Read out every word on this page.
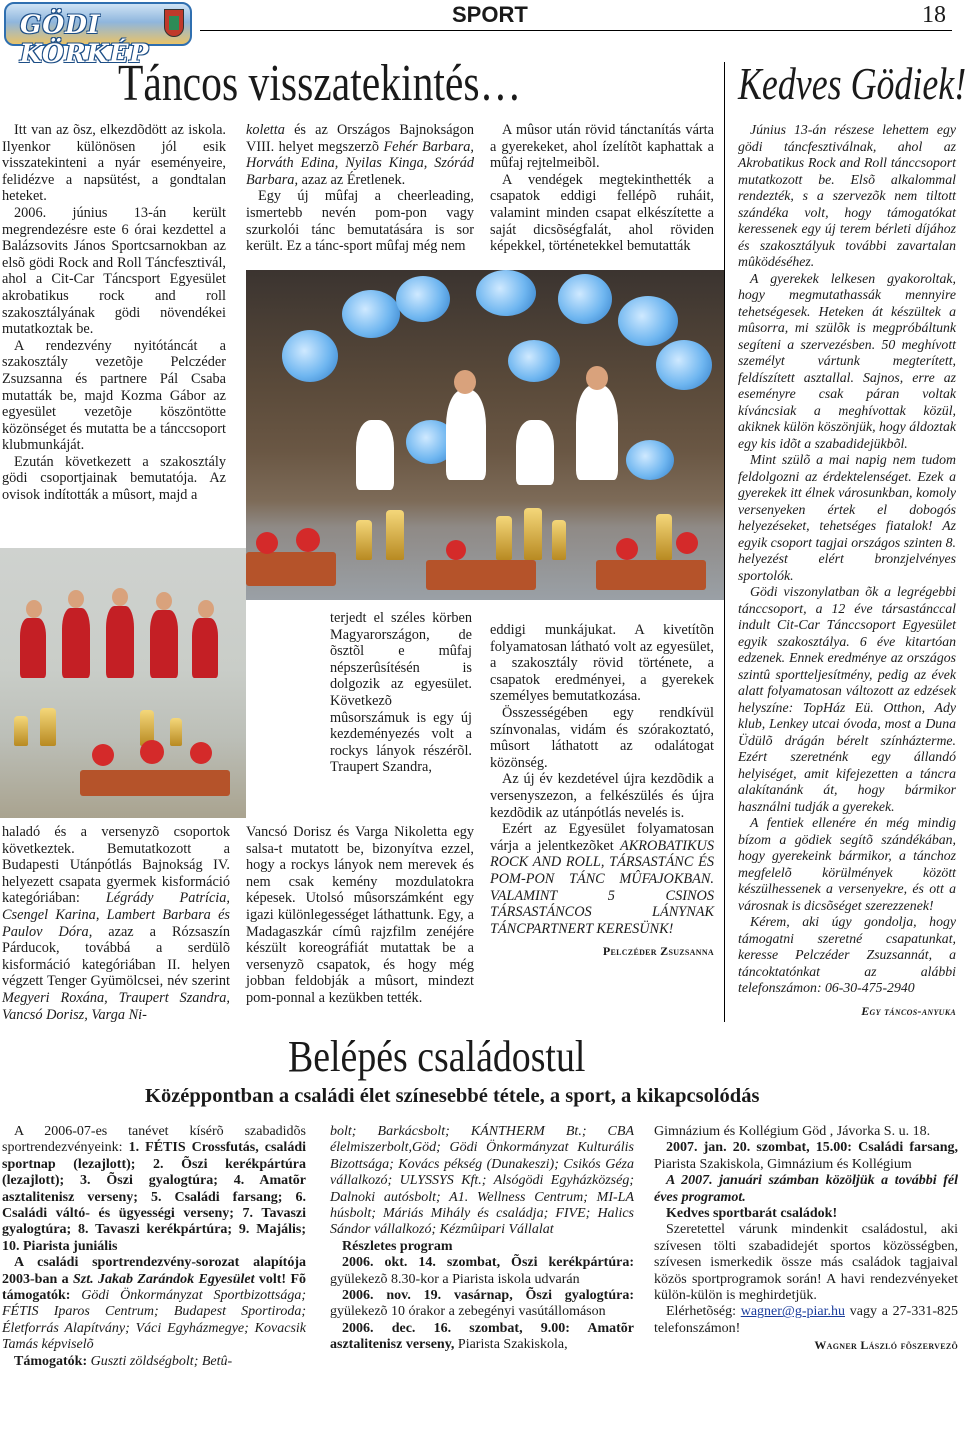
GÖDI KÖRKÉP
SPORT	18
Táncos visszatekintés…	Kedves Gödiek!

Itt van az õsz, elkezdõdött az iskola. Ilyenkor különösen jól esik visszatekinteni a nyár eseményeire, felidézve a napsütést, a gondtalan heteket.

2006. június 13-án került megrendezésre este 6 órai kezdettel a Balázsovits János Sportcsarnokban az elsõ gödi Rock and Roll Táncfesztivál, ahol a Cit-Car Táncsport Egyesület akrobatikus rock and roll szakosztályának gödi növendékei mutatkoztak be.

A rendezvény nyitótáncát a szakosztály vezetõje Pelczéder Zsuzsanna és partnere Pál Csaba mutatták be, majd Kozma Gábor az egyesület vezetõje köszöntötte közönséget és mutatta be a tánccsoport klubmunkáját.

Ezután következett a szakosztály gödi csoportjainak bemutatója. Az ovisok indították a mûsort, majd a

haladó és a versenyzõ csoportok következtek. Bemutatkozott a Budapesti Utánpótlás Bajnokság IV. helyezett csapata gyermek kisformáció kategóriában: Légrády Patrícia, Csengel Karina, Lambert Barbara és Paulov Dóra, azaz a Rózsaszín Párducok, továbbá a serdülõ kisformáció kategóriában II. helyen végzett Tenger Gyümölcsei, név szerint Megyeri Roxána, Traupert Szandra, Vancsó Dorisz, Varga Ni-

koletta és az Országos Bajnokságon VIII. helyet megszerzõ Fehér Barbara, Horváth Edina, Nyilas Kinga, Szórád Barbara, azaz az Éretlenek.

Egy új mûfaj a cheerleading, ismertebb nevén pom-pon vagy szurkolói tánc bemutatására is sor került. Ez a tánc-sport mûfaj még nem

A mûsor után rövid tánctanítás várta a gyerekeket, ahol ízelítõt kaphattak a mûfaj rejtelmeibõl.

A vendégek megtekinthették a csapatok eddigi fellépõ ruháit, valamint minden csapat elkészítette a saját dicsõségfalát, ahol röviden képekkel, történetekkel bemutatták

terjedt el széles körben Magyarországon, de õsztõl e mûfaj népszerûsítésén is dolgozik az egyesület. Következõ mûsorszámuk is egy új kezdeményezés volt a rockys lányok részérõl. Traupert Szandra,

Vancsó Dorisz és Varga Nikoletta egy salsa-t mutatott be, bizonyítva ezzel, hogy a rockys lányok nem merevek és nem csak kemény mozdulatokra képesek. Utolsó mûsorszámként egy igazi különlegességet láthattunk. Egy, a Madagaszkár címû rajzfilm zenéjére készült koreográfiát mutattak be a versenyzõ csapatok, és hogy még jobban feldobják a mûsort, mindezt pom-ponnal a kezükben tették.

eddigi munkájukat. A kivetítõn folyamatosan látható volt az egyesület, a szakosztály rövid története, a csapatok eredményei, a gyerekek személyes bemutatkozása.

Összességében egy rendkívül színvonalas, vidám és szórakoztató, mûsort láthatott az odalátogat közönség.

Az új év kezdetével újra kezdõdik a versenyszezon, a felkészülés és újra kezdõdik az utánpótlás nevelés is.

Ezért az Egyesület folyamatosan várja a jelentkezõket AKROBATIKUS ROCK AND ROLL, TÁRSASTÁNC ÉS POM-PON TÁNC MÛFAJOKBAN. VALAMINT 5 CSINOS TÁRSASTÁNCOS LÁNYNAK TÁNCPARTNERT KERESÜNK!

Pelczéder Zsuzsanna

Június 13-án részese lehettem egy gödi táncfesztiválnak, ahol az Akrobatikus Rock and Roll tánccsoport mutatkozott be. Elsõ alkalommal rendezték, s a szervezõk nem tiltott szándéka volt, hogy támogatókat keressenek egy új terem bérleti díjához és szakosztályuk további zavartalan mûködéséhez.

A gyerekek lelkesen gyakoroltak, hogy megmutathassák mennyire tehetségesek. Heteken át készültek a mûsorra, mi szülõk is megpróbáltunk segíteni a szervezésben. 50 meghívott személyt vártunk megterített, feldíszített asztallal. Sajnos, erre az eseményre csak páran voltak kíváncsiak a meghívottak közül, akiknek külön köszönjük, hogy áldoztak egy kis idõt a szabadidejükbõl.

Mint szülõ a mai napig nem tudom feldolgozni az érdektelenséget. Ezek a gyerekek itt élnek városunkban, komoly versenyeken értek el dobogós helyezéseket, tehetséges fiatalok! Az egyik csoport tagjai országos szinten 8. helyezést elért bronzjelvényes sportolók.

Gödi viszonylatban õk a legrégebbi tánccsoport, a 12 éve társastánccal indult Cit-Car Tánccsoport Egyesület egyik szakosztálya. 6 éve kitartóan edzenek. Ennek eredménye az országos szintû sportteljesítmény, pedig az évek alatt folyamatosan változott az edzések helyszíne: TopHáz Eü. Otthon, Ady klub, Lenkey utcai óvoda, most a Duna Üdülõ drágán bérelt színházterme. Ezért szeretnénk egy állandó helyiséget, amit kifejezetten a táncra alakítanánk át, hogy bármikor használni tudják a gyerekek.

A fentiek ellenére én még mindig bízom a gödiek segítõ szándékában, hogy gyerekeink bármikor, a tánchoz megfelelõ körülmények között készülhessenek a versenyekre, és ott a városnak is dicsõséget szerezzenek!

Kérem, aki úgy gondolja, hogy támogatni szeretné csapatunkat, keresse Pelczéder Zsuzsannát, a táncoktatónkat az alábbi telefonszámon: 06-30-475-2940

Egy táncos-anyuka

Belépés családostul
Középpontban a családi élet színesebbé tétele, a sport, a kikapcsolódás

A 2006-07-es tanévet kísérõ szabadidõs sportrendezvényeink: 1. FÉTIS Crossfutás, családi sportnap (lezajlott); 2. Õszi kerékpártúra (lezajlott); 3. Õszi gyalogtúra; 4. Amatõr asztalitenisz verseny; 5. Családi farsang; 6. Családi váltó- és ügyességi verseny; 7. Tavaszi gyalogtúra; 8. Tavaszi kerékpártúra; 9. Majális; 10. Piarista juniális

A családi sportrendezvény-sorozat alapítója 2003-ban a Szt. Jakab Zarándok Egyesület volt! Fõ támogatók: Gödi Önkormányzat Sportbizottsága; FÉTIS Iparos Centrum; Budapest Sportiroda; Életforrás Alapítvány; Váci Egyházmegye; Kovacsik Tamás képviselõ

Támogatók: Guszti zöldségbolt; Betû-

bolt; Barkácsbolt; KÁNTHERM Bt.; CBA élelmiszerbolt,Göd; Gödi Önkormányzat Kulturális Bizottsága; Kovács pékség (Dunakeszi); Csikós Géza vállalkozó; ULYSSYS Kft.; Alsógödi Egyházközség; Dalnoki autósbolt; A1. Wellness Centrum; MI-LA húsbolt; Máriás Mihály és családja; FIVE; Halics Sándor vállalkozó; Kézmûipari Vállalat

Részletes program

2006. okt. 14. szombat, Õszi kerékpártúra: gyülekezõ 8.30-kor a Piarista iskola udvarán

2006. nov. 19. vasárnap, Õszi gyalogtúra: gyülekezõ 10 órakor a zebegényi vasútállomáson

2006. dec. 16. szombat, 9.00: Amatõr asztalitenisz verseny, Piarista Szakiskola,

Gimnázium és Kollégium Göd , Jávorka S. u. 18.

2007. jan. 20. szombat, 15.00: Családi farsang, Piarista Szakiskola, Gimnázium és Kollégium

A 2007. januári számban közöljük a további fél éves programot.

Kedves sportbarát családok!

Szeretettel várunk mindenkit családostul, aki szívesen tölti szabadidejét sportos közösségben, szívesen ismerkedik össze más családok tagjaival közös sportprogramok során! A havi rendezvényeket külön-külön is meghirdetjük.

Elérhetõség: wagner@g-piar.hu vagy a 27-331-825 telefonszámon!

Wagner László fõszervezõ
